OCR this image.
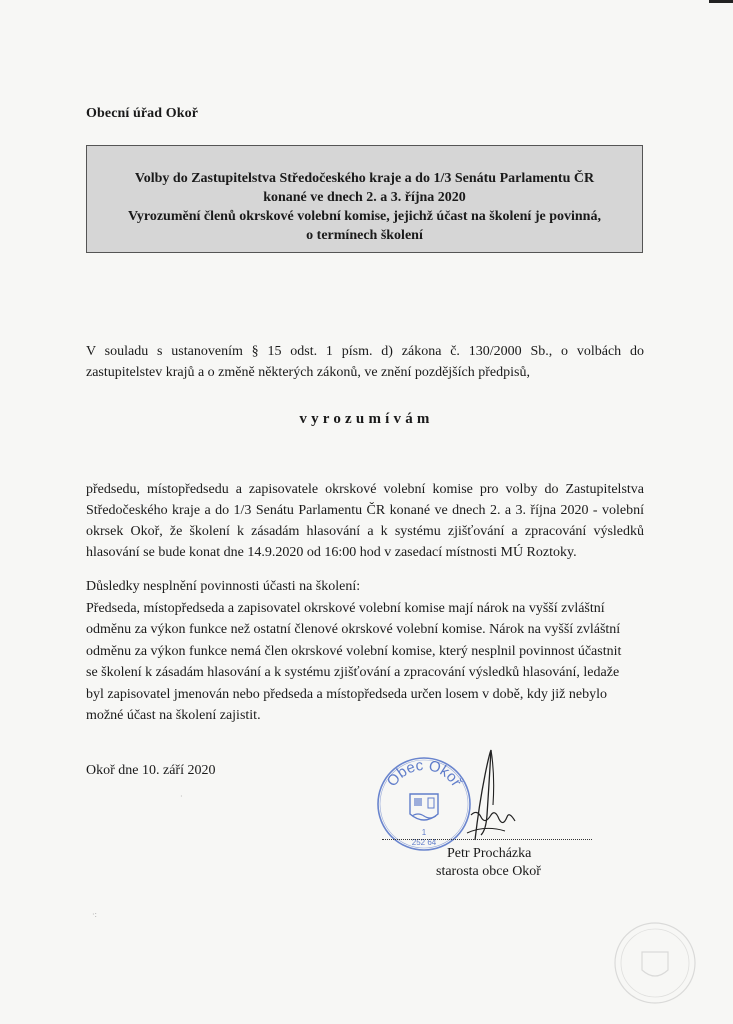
Obecní úřad Okoř
Volby do Zastupitelstva Středočeského kraje a do 1/3 Senátu Parlamentu ČR
konané ve dnech 2. a 3. října 2020
Vyrozumění členů okrskové volební komise, jejichž účast na školení je povinná,
o termínech školení
V souladu s ustanovením § 15 odst. 1 písm. d) zákona č. 130/2000 Sb., o volbách do
zastupitelstev krajů a o změně některých zákonů, ve znění pozdějších předpisů,
vyrozumívám
předsedu, místopředsedu a zapisovatele okrskové volební komise pro volby do Zastupitelstva
Středočeského kraje a do 1/3 Senátu Parlamentu ČR konané ve dnech 2. a 3. října 2020 - volební
okrsek Okoř, že školení k zásadám hlasování a k systému zjišťování a zpracování výsledků
hlasování se bude konat dne 14.9.2020 od 16:00 hod v zasedací místnosti MÚ Roztoky.
Důsledky nesplnění povinnosti účasti na školení:
Předseda, místopředseda a zapisovatel okrskové volební komise mají nárok na vyšší zvláštní
odměnu za výkon funkce než ostatní členové okrskové volební komise. Nárok na vyšší zvláštní
odměnu za výkon funkce nemá člen okrskové volební komise, který nesplnil povinnost účastnit
se školení k zásadám hlasování a k systému zjišťování a zpracování výsledků hlasování, ledaže
byl zapisovatel jmenován nebo předseda a místopředseda určen losem v době, kdy již nebylo
možné účast na školení zajistit.
Okoř dne 10. září 2020	Obec Okoř
1
252 64
Petr Procházka
starosta obce Okoř
·
·:
